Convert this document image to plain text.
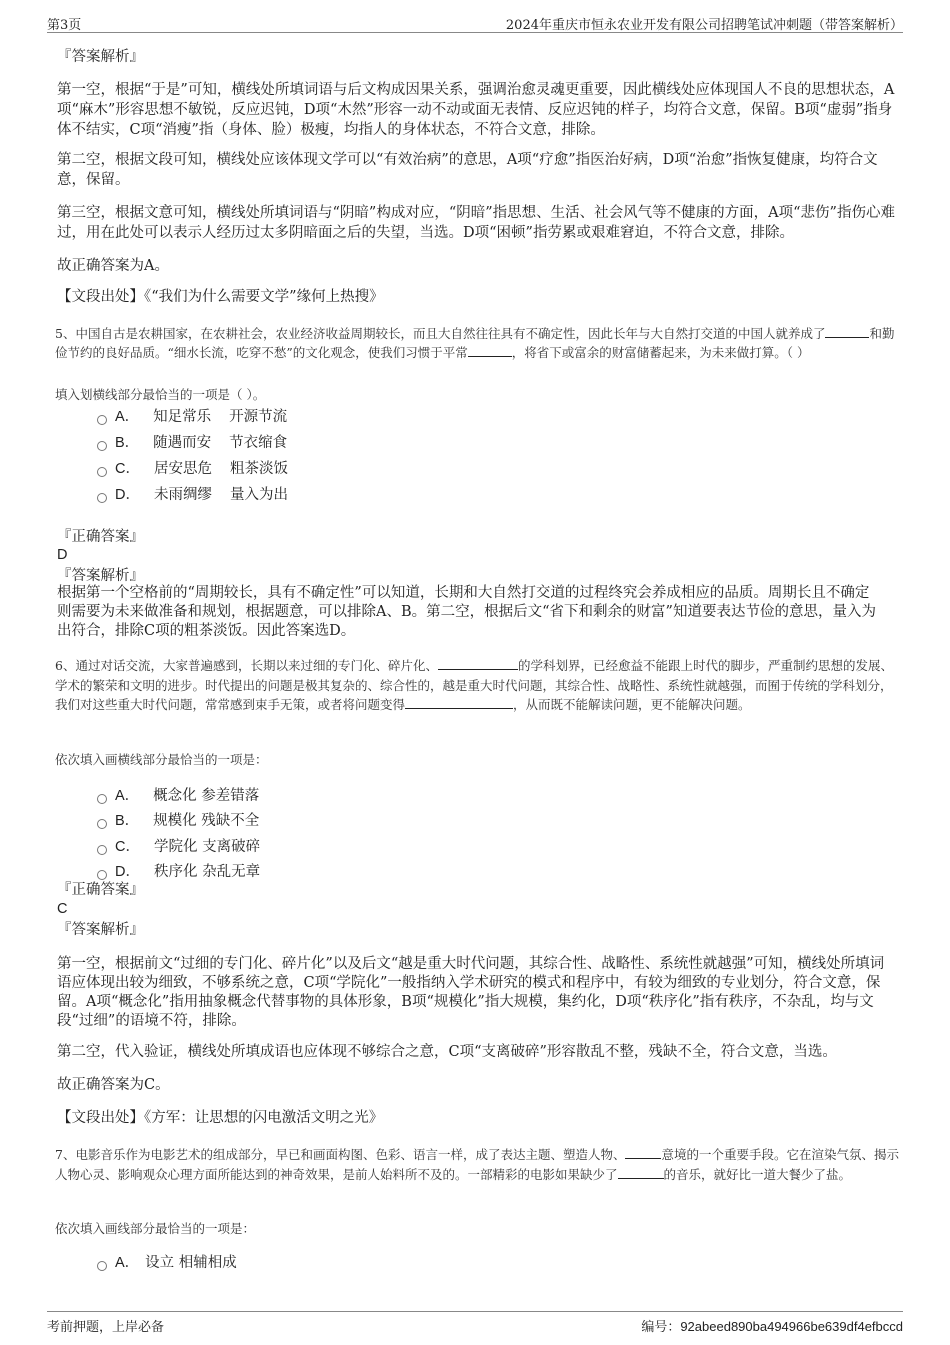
第3页	2024年重庆市恒永农业开发有限公司招聘笔试冲刺题（带答案解析）
『答案解析』
第一空，根据“于是”可知，横线处所填词语与后文构成因果关系，强调治愈灵魂更重要，因此横线处应体现国人不良的思想状态，A项“麻木”形容思想不敏锐，反应迟钝，D项“木然”形容一动不动或面无表情、反应迟钝的样子，均符合文意，保留。B项“虚弱”指身体不结实，C项“消瘦”指（身体、脸）极瘦，均指人的身体状态，不符合文意，排除。
第二空，根据文段可知，横线处应该体现文学可以“有效治病”的意思，A项“疗愈”指医治好病，D项“治愈”指恢复健康，均符合文意，保留。
第三空，根据文意可知，横线处所填词语与“阴暗”构成对应，“阴暗”指思想、生活、社会风气等不健康的方面，A项“悲伤”指伤心难过，用在此处可以表示人经历过太多阴暗面之后的失望，当选。D项“困顿”指劳累或艰难窘迫，不符合文意，排除。
故正确答案为A。
【文段出处】《“我们为什么需要文学”缘何上热搜》
5、中国自古是农耕国家，在农耕社会，农业经济收益周期较长，而且大自然往往具有不确定性，因此长年与大自然打交道的中国人就养成了	和勤俭节约的良好品质。“细水长流，吃穿不愁”的文化观念，使我们习惯于平常	，将省下或富余的财富储蓄起来，为未来做打算。（ ）
填入划横线部分最恰当的一项是（ ）。
A． 知足常乐 开源节流
B． 随遇而安 节衣缩食
C． 居安思危 粗茶淡饭
D． 未雨绸缪 量入为出
『正确答案』
D
『答案解析』
根据第一个空格前的“周期较长，具有不确定性”可以知道，长期和大自然打交道的过程终究会养成相应的品质。周期长且不确定则需要为未来做准备和规划，根据题意，可以排除A、B。第二空，根据后文“省下和剩余的财富”知道要表达节俭的意思，量入为出符合，排除C项的粗茶淡饭。因此答案选D。
6、通过对话交流，大家普遍感到，长期以来过细的专门化、碎片化、	的学科划界，已经愈益不能跟上时代的脚步，严重制约思想的发展、学术的繁荣和文明的进步。时代提出的问题是极其复杂的、综合性的，越是重大时代问题，其综合性、战略性、系统性就越强，而囿于传统的学科划分，我们对这些重大时代问题，常常感到束手无策，或者将问题变得	，从而既不能解读问题，更不能解决问题。
依次填入画横线部分最恰当的一项是：
A． 概念化 参差错落
B． 规模化 残缺不全
C． 学院化 支离破碎
D． 秩序化 杂乱无章
『正确答案』
C
『答案解析』
第一空，根据前文“过细的专门化、碎片化”以及后文“越是重大时代问题，其综合性、战略性、系统性就越强”可知，横线处所填词语应体现出较为细致，不够系统之意，C项“学院化”一般指纳入学术研究的模式和程序中，有较为细致的专业划分，符合文意，保留。A项“概念化”指用抽象概念代替事物的具体形象，B项“规模化”指大规模，集约化，D项“秩序化”指有秩序，不杂乱，均与文段“过细”的语境不符，排除。
第二空，代入验证，横线处所填成语也应体现不够综合之意，C项“支离破碎”形容散乱不整，残缺不全，符合文意，当选。
故正确答案为C。
【文段出处】《方军：让思想的闪电激活文明之光》
7、电影音乐作为电影艺术的组成部分，早已和画面构图、色彩、语言一样，成了表达主题、塑造人物、	意境的一个重要手段。它在渲染气氛、揭示人物心灵、影响观众心理方面所能达到的神奇效果，是前人始料所不及的。一部精彩的电影如果缺少了	的音乐，就好比一道大餐少了盐。
依次填入画线部分最恰当的一项是：
A． 设立 相辅相成
考前押题，上岸必备	编号：92abeed890ba494966be639df4efbccd
